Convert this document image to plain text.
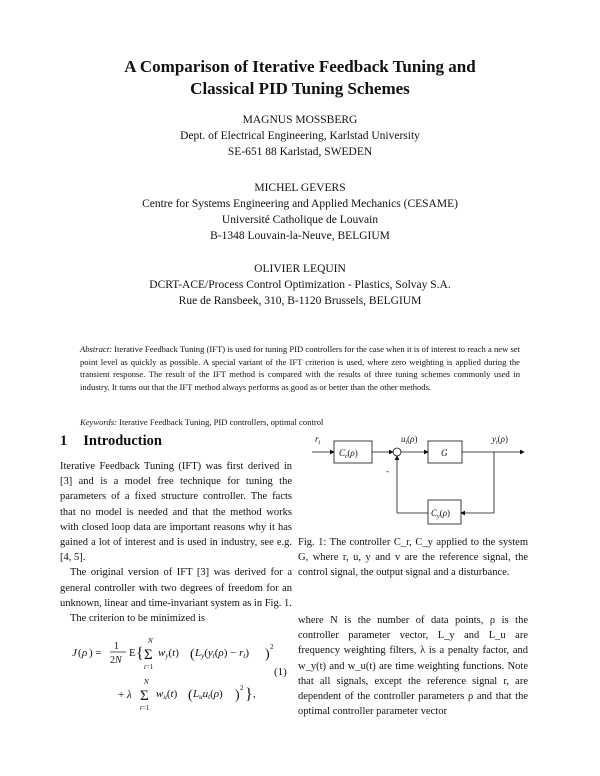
A Comparison of Iterative Feedback Tuning and
Classical PID Tuning Schemes
MAGNUS MOSSBERG
Dept. of Electrical Engineering, Karlstad University
SE-651 88 Karlstad, SWEDEN
MICHEL GEVERS
Centre for Systems Engineering and Applied Mechanics (CESAME)
Université Catholique de Louvain
B-1348 Louvain-la-Neuve, BELGIUM
OLIVIER LEQUIN
DCRT-ACE/Process Control Optimization - Plastics, Solvay S.A.
Rue de Ransbeek, 310, B-1120 Brussels, BELGIUM
Abstract: Iterative Feedback Tuning (IFT) is used for tuning PID controllers for the case when it is of interest to reach a new set point level as quickly as possible. A special variant of the IFT criterion is used, where zero weighting is applied during the transient response. The result of the IFT method is compared with the results of three tuning schemes commonly used in industry. It turns out that the IFT method always performs as good as or better than the other methods.
Keywords: Iterative Feedback Tuning, PID controllers, optimal control
1 Introduction

Iterative Feedback Tuning (IFT) was first derived in [3] and is a model free technique for tuning the parameters of a fixed structure controller. The facts that no model is needed and that the method works with closed loop data are important reasons why it has gained a lot of interest and is used in industry, see e.g. [4, 5].

The original version of IFT [3] was derived for a general controller with two degrees of freedom for an unknown, linear and time-invariant system as in Fig. 1.

The criterion to be minimized is

J ( ρ ) =
1
2N
E {
N
Σ
t=1
wy(t) ( Ly(yt(ρ) − rt) ) 2
+ λ
N
Σ
t=1
wu(t) ( Luut(ρ) ) 2 } ,
(1)
$r_t$
$C_r(\rho)$
$u_t(\rho)$
G
$y_t(\rho)$
$C_y(\rho)$
-
Fig. 1: The controller C_r, C_y applied to the system G, where r, u, y and v are the reference signal, the control signal, the output signal and a disturbance.

where N is the number of data points, ρ is the controller parameter vector, L_y and L_u are frequency weighting filters, λ is a penalty factor, and w_y(t) and w_u(t) are time weighting functions. Note that all signals, except the reference signal r, are dependent of the controller parameters ρ and that the optimal controller parameter vector
